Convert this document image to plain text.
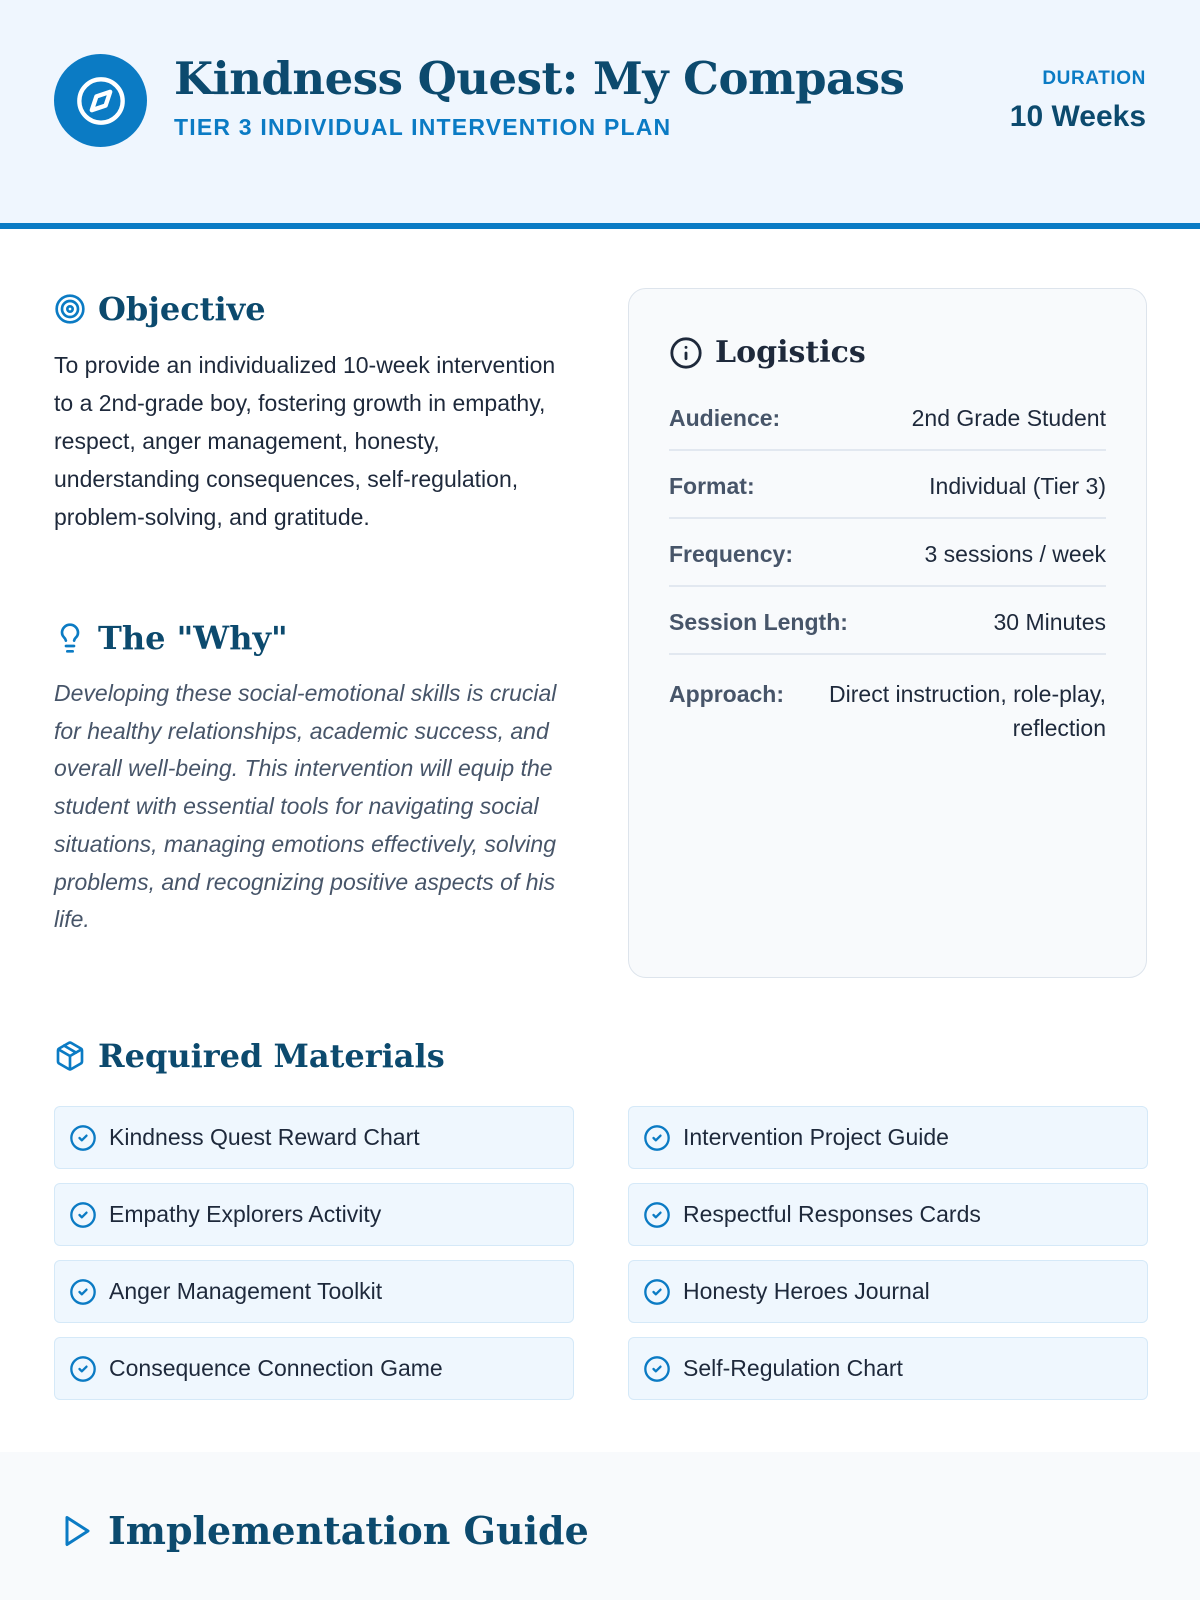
Kindness Quest: My Compass
TIER 3 INDIVIDUAL INTERVENTION PLAN
DURATION
10 Weeks
Objective
To provide an individualized 10-week intervention to a 2nd-grade boy, fostering growth in empathy, respect, anger management, honesty, understanding consequences, self-regulation, problem-solving, and gratitude.
The "Why"
Developing these social-emotional skills is crucial for healthy relationships, academic success, and overall well-being. This intervention will equip the student with essential tools for navigating social situations, managing emotions effectively, solving problems, and recognizing positive aspects of his life.
Logistics
Audience:	2nd Grade Student
Format:	Individual (Tier 3)
Frequency:	3 sessions / week
Session Length:	30 Minutes
Approach:	Direct instruction, role-play, reflection
Required Materials
Kindness Quest Reward Chart	Intervention Project Guide
Empathy Explorers Activity	Respectful Responses Cards
Anger Management Toolkit	Honesty Heroes Journal
Consequence Connection Game	Self-Regulation Chart
Implementation Guide
